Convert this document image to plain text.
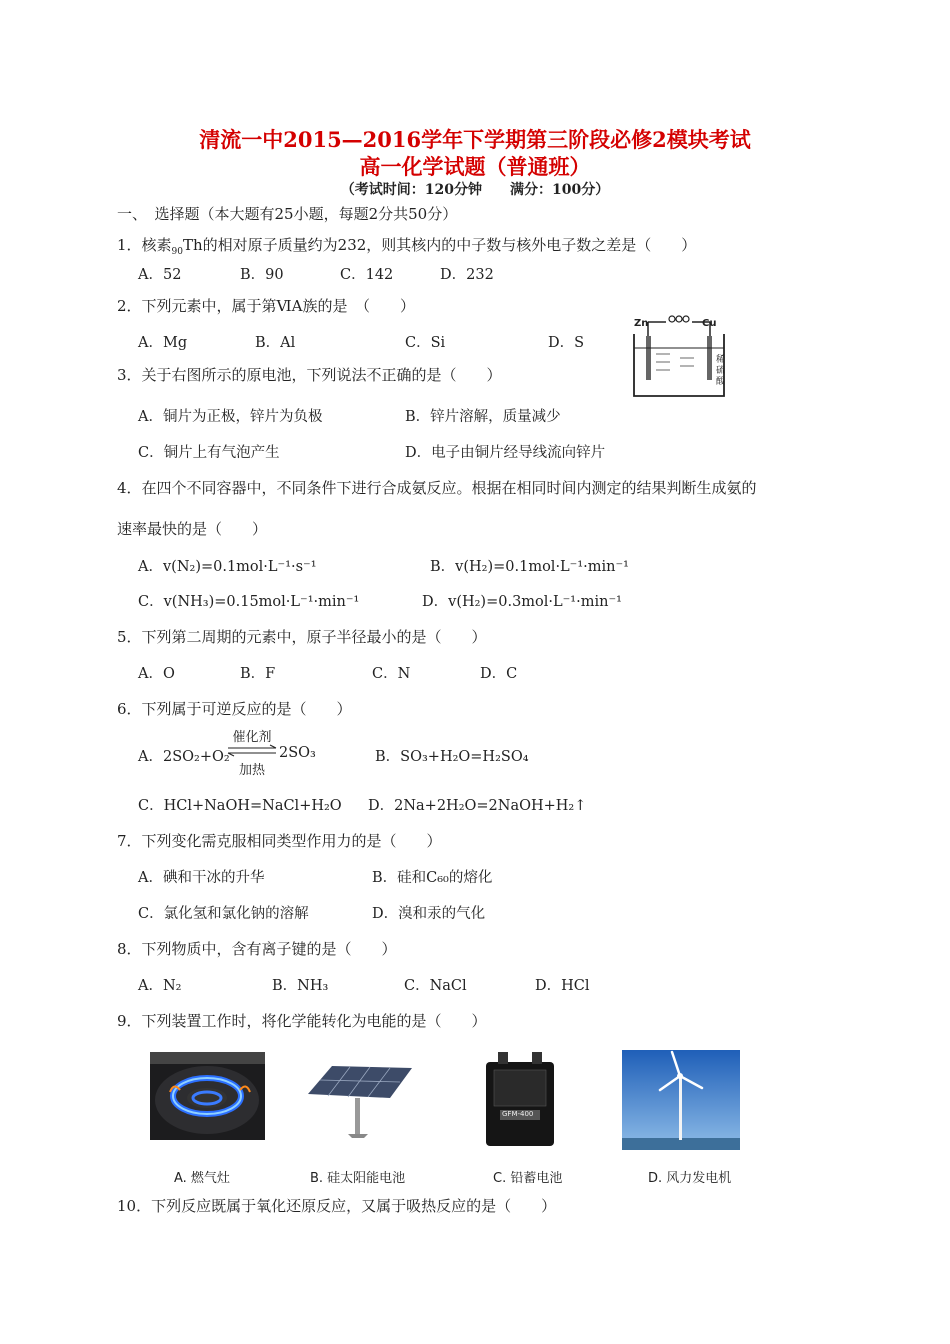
清流一中2015—2016学年下学期第三阶段必修2模块考试
高一化学试题（普通班）
（考试时间：120分钟　　满分：100分）
一、　选择题（本大题有25小题，每题2分共50分）
1．核素$_{90}$Th的相对原子质量约为232，则其核内的中子数与核外电子数之差是（　　）
A．52	B．90	C．142	D．232
2．下列元素中，属于第ⅥA族的是　（　　）
A．Mg	B．Al	C．Si	D．S
Zn	Cu
稀
硫
酸
3．关于右图所示的原电池，下列说法不正确的是（　　）
A．铜片为正极，锌片为负极	B．锌片溶解，质量减少
C．铜片上有气泡产生	D．电子由铜片经导线流向锌片
4．在四个不同容器中，不同条件下进行合成氨反应。根据在相同时间内测定的结果判断生成氨的
速率最快的是（　　）
A．v(N₂)=0.1mol·L⁻¹·s⁻¹	B．v(H₂)=0.1mol·L⁻¹·min⁻¹
C．v(NH₃)=0.15mol·L⁻¹·min⁻¹	D．v(H₂)=0.3mol·L⁻¹·min⁻¹
5．下列第二周期的元素中，原子半径最小的是（　　）
A．O	B．F	C．N	D．C
6．下列属于可逆反应的是（　　）
A．2SO₂+O₂
催化剂
加热
2SO₃	B．SO₃+H₂O=H₂SO₄
C．HCl+NaOH=NaCl+H₂O D．2Na+2H₂O=2NaOH+H₂↑
7．下列变化需克服相同类型作用力的是（　　）
A．碘和干冰的升华	B．硅和C₆₀的熔化
C．氯化氢和氯化钠的溶解	D．溴和汞的气化
8．下列物质中，含有离子键的是（　　）
A．N₂	B．NH₃	C．NaCl	D．HCl
9．下列装置工作时，将化学能转化为电能的是（　　）
GFM-400
A. 燃气灶	B. 硅太阳能电池	C. 铅蓄电池	D. 风力发电机
10．下列反应既属于氧化还原反应，又属于吸热反应的是（　　）
